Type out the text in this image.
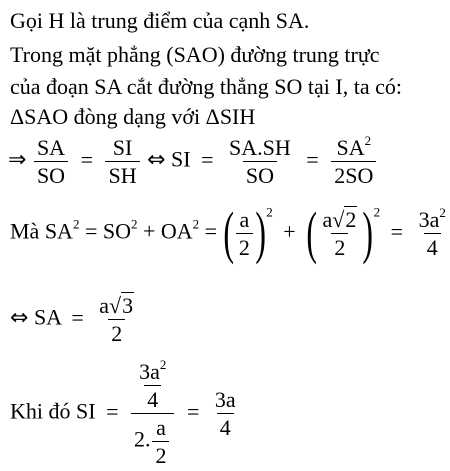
Gọi H là trung điểm của cạnh SA.
Trong mặt phẳng (SAO) đường trung trực
của đoạn SA cắt đường thẳng SO tại I, ta có:
ΔSAO đòng dạng với ΔSIH
⇒ $\frac{SA}{SO} = \frac{SI}{SH}$ ⇔ SI = $\frac{SA.SH}{SO} = \frac{SA^2}{2SO}$
Mà $SA^2 = SO^2 + OA^2$ = ( $\frac{a}{2} )^2$ + ( $\frac{a√2}{2} )^2 = \frac{3a^2}{4}$
⇔ SA = $\frac{a√3}{2}$
Khi đó SI = $\frac{\frac{3a^2}{4}}{2. \frac{a}{2}} = \frac{3a}{4}$
